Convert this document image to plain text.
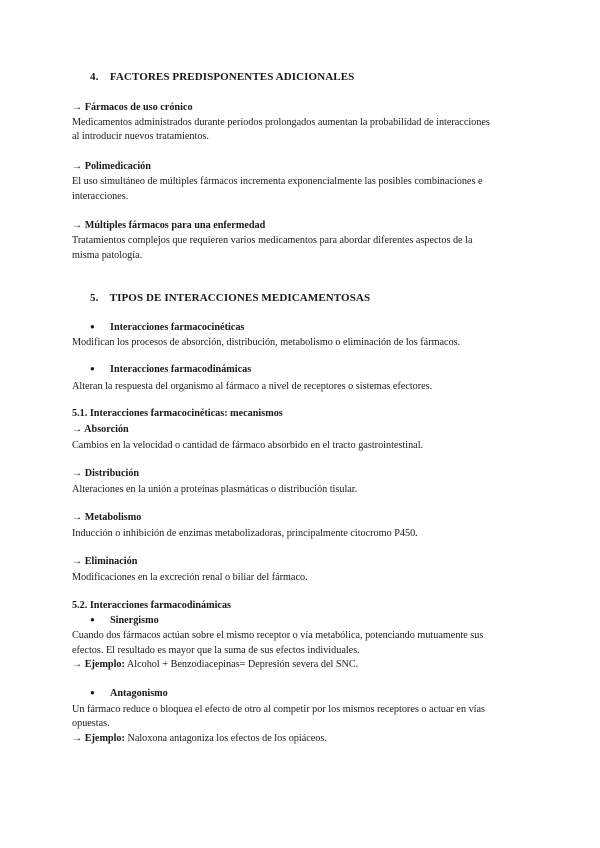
4. FACTORES PREDISPONENTES ADICIONALES
→ Fármacos de uso crónico

Medicamentos administrados durante períodos prolongados aumentan la probabilidad de interacciones

al introducir nuevos tratamientos.

→ Polimedicación

El uso simultáneo de múltiples fármacos incrementa exponencialmente las posibles combinaciones e

interacciones.

→ Múltiples fármacos para una enfermedad

Tratamientos complejos que requieren varios medicamentos para abordar diferentes aspectos de la

misma patología.

5. TIPOS DE INTERACCIONES MEDICAMENTOSAS
● Interacciones farmacocinéticas

Modifican los procesos de absorción, distribución, metabolismo o eliminación de los fármacos.

● Interacciones farmacodinámicas

Alteran la respuesta del organismo al fármaco a nivel de receptores o sistemas efectores.

5.1. Interacciones farmacocinéticas: mecanismos
→ Absorción

Cambios en la velocidad o cantidad de fármaco absorbido en el tracto gastrointestinal.

→ Distribución

Alteraciones en la unión a proteínas plasmáticas o distribución tisular.

→ Metabolismo

Inducción o inhibición de enzimas metabolizadoras, principalmente citocromo P450.

→ Eliminación

Modificaciones en la excreción renal o biliar del fármaco.

5.2. Interacciones farmacodinámicas
● Sinergismo

Cuando dos fármacos actúan sobre el mismo receptor o vía metabólica, potenciando mutuamente sus

efectos. El resultado es mayor que la suma de sus efectos individuales.

→ Ejemplo: Alcohol + Benzodiacepinas= Depresión severa del SNC.

● Antagonismo

Un fármaco reduce o bloquea el efecto de otro al competir por los mismos receptores o actuar en vías

opuestas.

→ Ejemplo: Naloxona antagoniza los efectos de los opiáceos.
